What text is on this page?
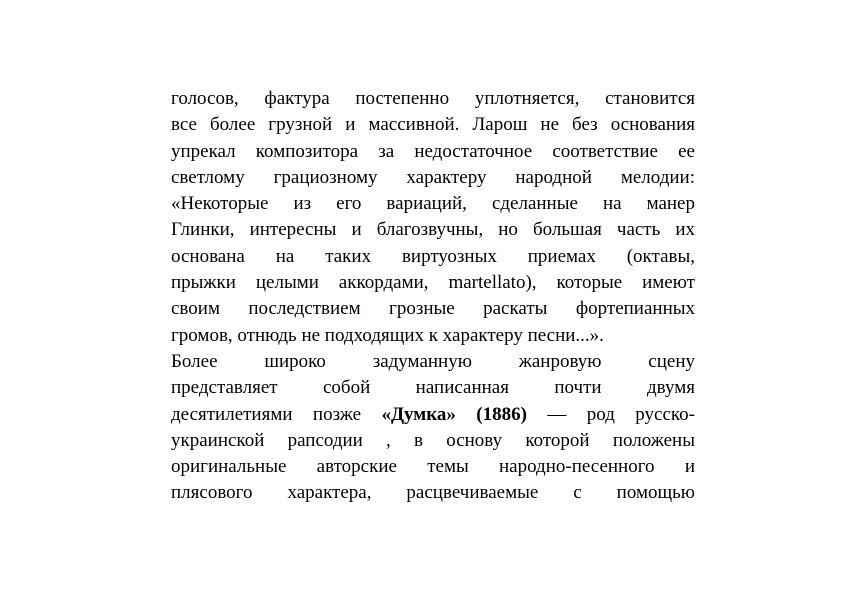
голосов, фактура постепенно уплотняется, становится
все более грузной и массивной. Ларош не без основания
упрекал композитора за недостаточное соответствие ее
светлому грациозному характеру народной мелодии:
«Некоторые из его вариаций, сделанные на манер
Глинки, интересны и благозвучны, но большая часть их
основана на таких виртуозных приемах (октавы,
прыжки целыми аккордами, martellato), которые имеют
своим последствием грозные раскаты фортепианных
громов, отнюдь не подходящих к характеру песни...».
Более широко задуманную жанровую сцену
представляет собой написанная почти двумя
десятилетиями позже «Думка» (1886) — род русско-
украинской рапсодии , в основу которой положены
оригинальные авторские темы народно-песенного и
плясового характера, расцвечиваемые с помощью
